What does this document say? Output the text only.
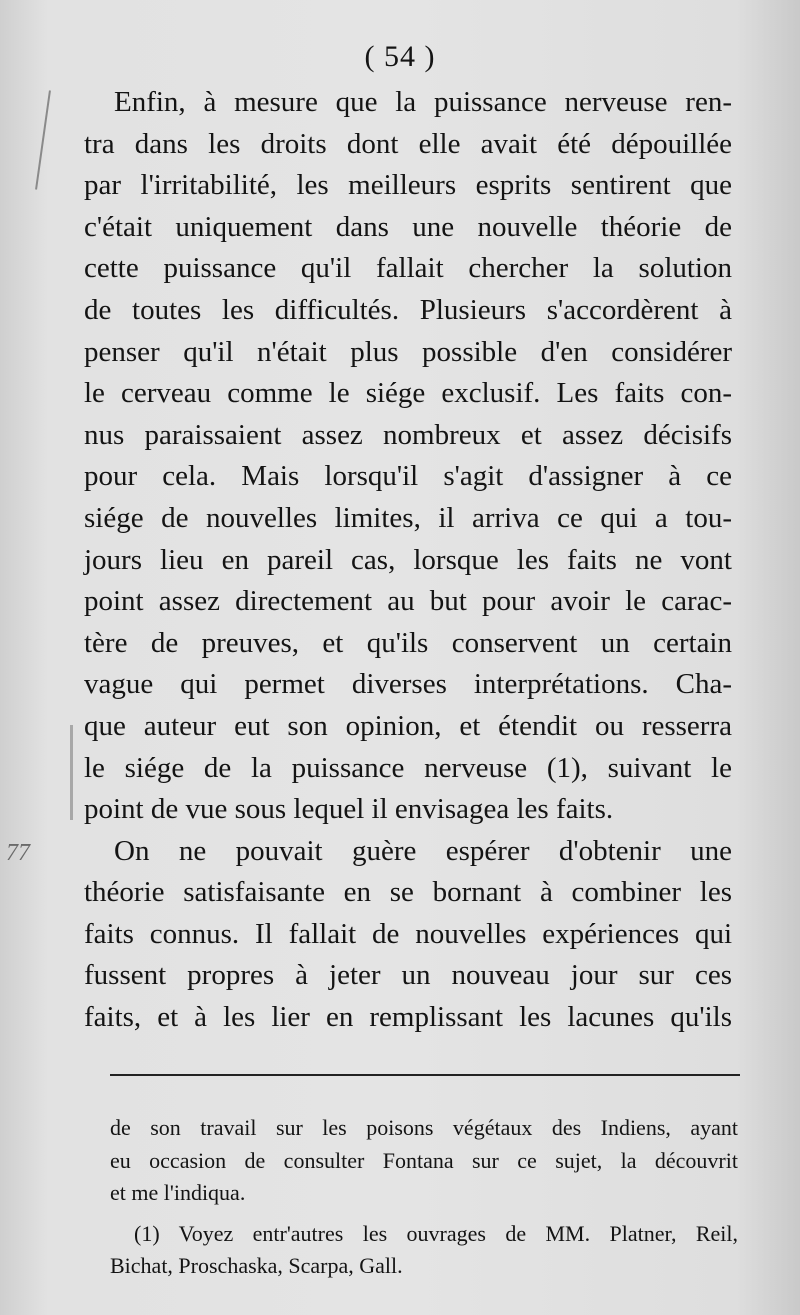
77
( 54 )

Enfin, à mesure que la puissance nerveuse ren-
tra dans les droits dont elle avait été dépouillée
par l'irritabilité, les meilleurs esprits sentirent que
c'était uniquement dans une nouvelle théorie de
cette puissance qu'il fallait chercher la solution
de toutes les difficultés. Plusieurs s'accordèrent à
penser qu'il n'était plus possible d'en considérer
le cerveau comme le siége exclusif. Les faits con-
nus paraissaient assez nombreux et assez décisifs
pour cela. Mais lorsqu'il s'agit d'assigner à ce
siége de nouvelles limites, il arriva ce qui a tou-
jours lieu en pareil cas, lorsque les faits ne vont
point assez directement au but pour avoir le carac-
tère de preuves, et qu'ils conservent un certain
vague qui permet diverses interprétations. Cha-
que auteur eut son opinion, et étendit ou resserra
le siége de la puissance nerveuse (1), suivant le
point de vue sous lequel il envisagea les faits.

On ne pouvait guère espérer d'obtenir une
théorie satisfaisante en se bornant à combiner les
faits connus. Il fallait de nouvelles expériences qui
fussent propres à jeter un nouveau jour sur ces
faits, et à les lier en remplissant les lacunes qu'ils

de son travail sur les poisons végétaux des Indiens, ayant
eu occasion de consulter Fontana sur ce sujet, la découvrit
et me l'indiqua.

(1) Voyez entr'autres les ouvrages de MM. Platner, Reil,
Bichat, Proschaska, Scarpa, Gall.
